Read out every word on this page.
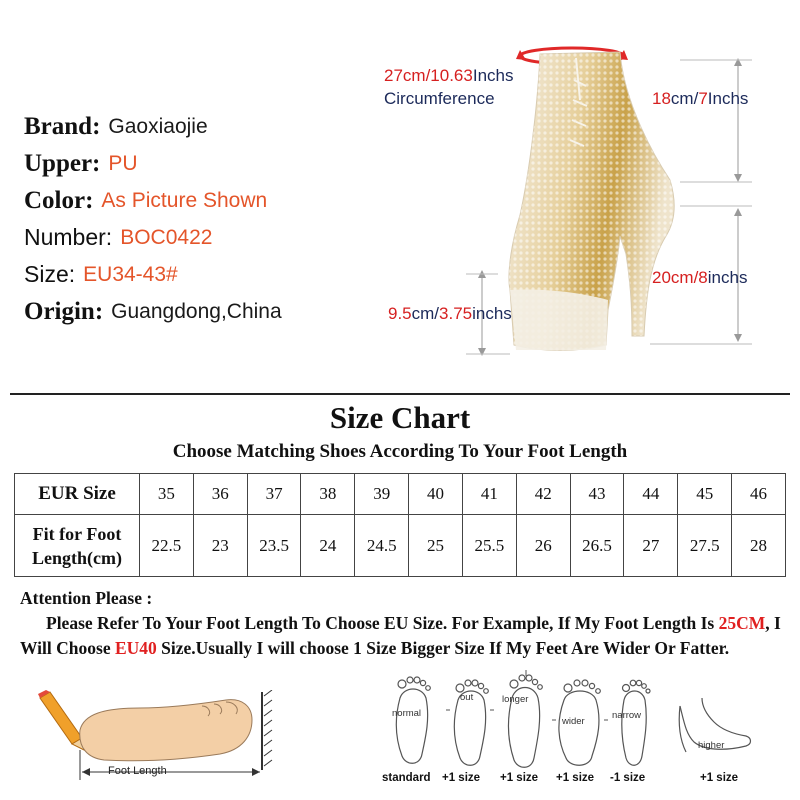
Brand: Gaoxiaojie
Upper: PU
Color: As Picture Shown
Number: BOC0422
Size: EU34-43#
Origin: Guangdong,China
27cm/10.63Inchs
Circumference	18cm/7Inchs
20cm/8inchs
9.5cm/3.75inchs
Size Chart
Choose Matching Shoes According To Your Foot Length
EUR Size	35	36	37	38	39	40	41	42	43	44	45	46
Fit for Foot
Length(cm)	22.5	23	23.5	24	24.5	25	25.5	26	26.5	27	27.5	28
Attention Please :
Please Refer To Your Foot Length To Choose EU Size. For Example, If My Foot Length Is 25CM, I Will Choose EU40 Size.Usually I will choose 1 Size Bigger Size If My Feet Are Wider Or Fatter.
Foot Length
normal
out	longer
wider
narrow
higher
standard +1 size +1 size +1 size -1 size	+1 size
